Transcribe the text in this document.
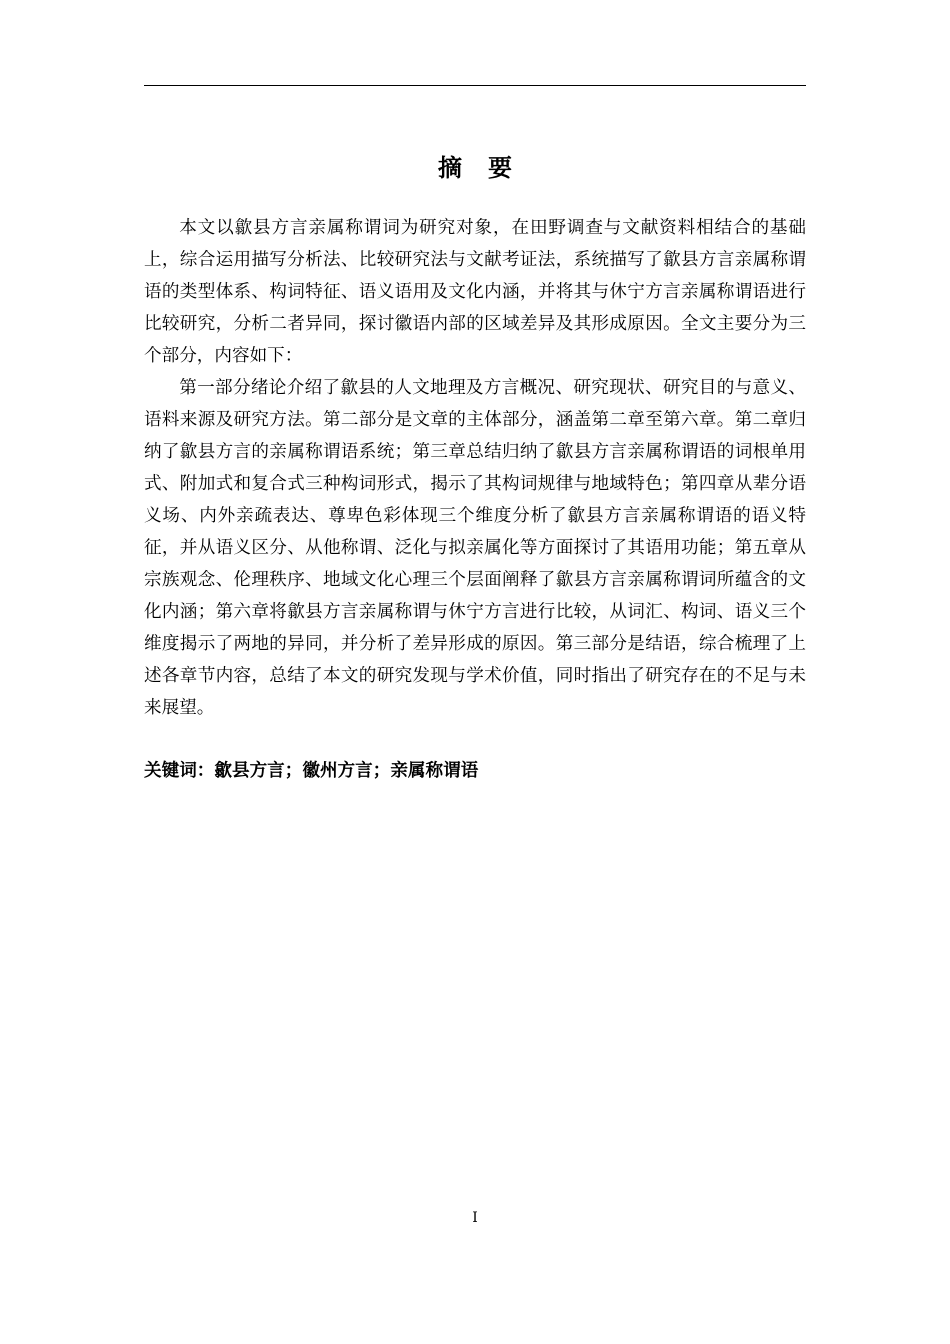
摘要

本文以歙县方言亲属称谓词为研究对象，在田野调查与文献资料相结合的基础上，综合运用描写分析法、比较研究法与文献考证法，系统描写了歙县方言亲属称谓语的类型体系、构词特征、语义语用及文化内涵，并将其与休宁方言亲属称谓语进行比较研究，分析二者异同，探讨徽语内部的区域差异及其形成原因。全文主要分为三个部分，内容如下：

第一部分绪论介绍了歙县的人文地理及方言概况、研究现状、研究目的与意义、语料来源及研究方法。第二部分是文章的主体部分，涵盖第二章至第六章。第二章归纳了歙县方言的亲属称谓语系统；第三章总结归纳了歙县方言亲属称谓语的词根单用式、附加式和复合式三种构词形式，揭示了其构词规律与地域特色；第四章从辈分语义场、内外亲疏表达、尊卑色彩体现三个维度分析了歙县方言亲属称谓语的语义特征，并从语义区分、从他称谓、泛化与拟亲属化等方面探讨了其语用功能；第五章从宗族观念、伦理秩序、地域文化心理三个层面阐释了歙县方言亲属称谓词所蕴含的文化内涵；第六章将歙县方言亲属称谓与休宁方言进行比较，从词汇、构词、语义三个维度揭示了两地的异同，并分析了差异形成的原因。第三部分是结语，综合梳理了上述各章节内容，总结了本文的研究发现与学术价值，同时指出了研究存在的不足与未来展望。

关键词：歙县方言；徽州方言；亲属称谓语
I
